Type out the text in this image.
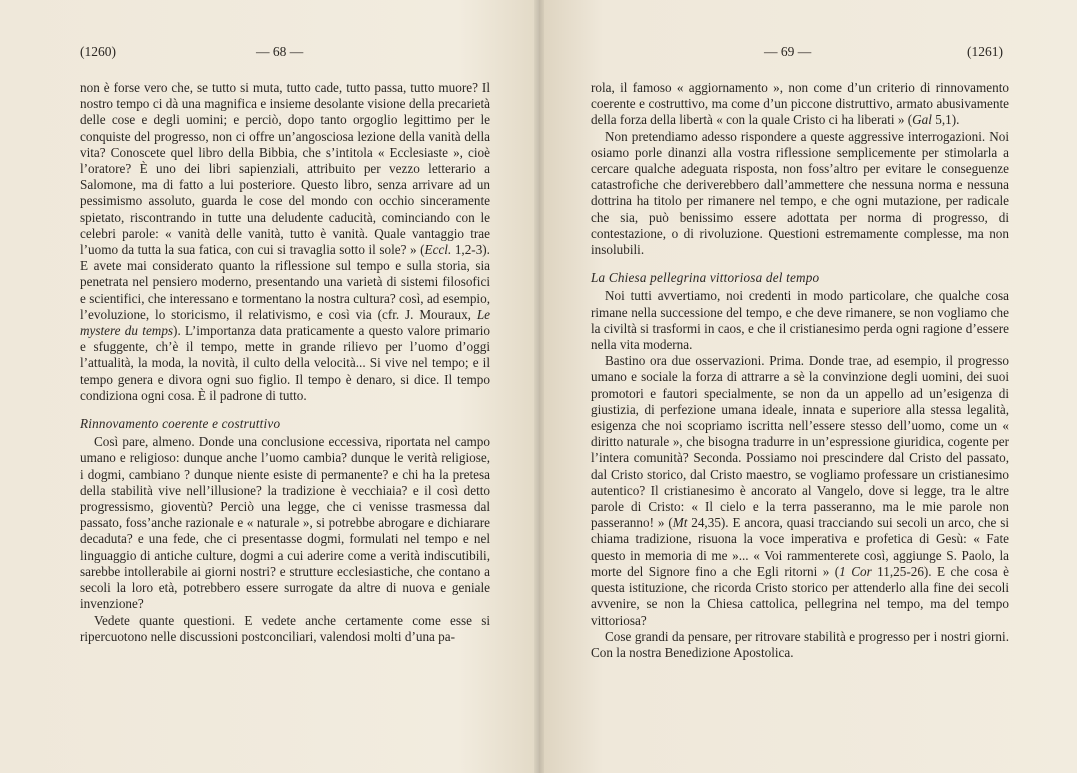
(1260)	— 68 —

non è forse vero che, se tutto si muta, tutto cade, tutto passa, tutto muore? Il nostro tempo ci dà una magnifica e insieme desolante visione della precarietà delle cose e degli uomini; e perciò, dopo tanto orgoglio legittimo per le conquiste del progresso, non ci offre un’angosciosa lezione della vanità della vita? Conoscete quel libro della Bibbia, che s’intitola « Ecclesiaste », cioè l’oratore? È uno dei libri sapienziali, attribuito per vezzo letterario a Salomone, ma di fatto a lui posteriore. Questo libro, senza arrivare ad un pessimismo assoluto, guarda le cose del mondo con occhio sinceramente spietato, riscontrando in tutte una deludente caducità, cominciando con le celebri parole: « vanità delle vanità, tutto è vanità. Quale vantaggio trae l’uomo da tutta la sua fatica, con cui si travaglia sotto il sole? » (Eccl. 1,2-3). E avete mai considerato quanto la riflessione sul tempo e sulla storia, sia penetrata nel pensiero moderno, presentando una varietà di sistemi filosofici e scientifici, che interessano e tormentano la nostra cultura? così, ad esempio, l’evoluzione, lo storicismo, il relativismo, e così via (cfr. J. Mouraux, Le mystere du temps). L’importanza data praticamente a questo valore primario e sfuggente, ch’è il tempo, mette in grande rilievo per l’uomo d’oggi l’attualità, la moda, la novità, il culto della velocità... Si vive nel tempo; e il tempo genera e divora ogni suo figlio. Il tempo è denaro, si dice. Il tempo condiziona ogni cosa. È il padrone di tutto.

Rinnovamento coerente e costruttivo

Così pare, almeno. Donde una conclusione eccessiva, riportata nel campo umano e religioso: dunque anche l’uomo cambia? dunque le verità religiose, i dogmi, cambiano ? dunque niente esiste di permanente? e chi ha la pretesa della stabilità vive nell’illusione? la tradizione è vecchiaia? e il così detto progressismo, gioventù? Perciò una legge, che ci venisse trasmessa dal passato, foss’anche razionale e « naturale », si potrebbe abrogare e dichiarare decaduta? e una fede, che ci presentasse dogmi, formulati nel tempo e nel linguaggio di antiche culture, dogmi a cui aderire come a verità indiscutibili, sarebbe intollerabile ai giorni nostri? e strutture ecclesiastiche, che contano a secoli la loro età, potrebbero essere surrogate da altre di nuova e geniale invenzione?

Vedete quante questioni. E vedete anche certamente come esse si ripercuotono nelle discussioni postconciliari, valendosi molti d’una pa-

— 69 —	(1261)

rola, il famoso « aggiornamento », non come d’un criterio di rinnovamento coerente e costruttivo, ma come d’un piccone distruttivo, armato abusivamente della forza della libertà « con la quale Cristo ci ha liberati » (Gal 5,1).

Non pretendiamo adesso rispondere a queste aggressive interrogazioni. Noi osiamo porle dinanzi alla vostra riflessione semplicemente per stimolarla a cercare qualche adeguata risposta, non foss’altro per evitare le conseguenze catastrofiche che deriverebbero dall’ammettere che nessuna norma e nessuna dottrina ha titolo per rimanere nel tempo, e che ogni mutazione, per radicale che sia, può benissimo essere adottata per norma di progresso, di contestazione, o di rivoluzione. Questioni estremamente complesse, ma non insolubili.

La Chiesa pellegrina vittoriosa del tempo

Noi tutti avvertiamo, noi credenti in modo particolare, che qualche cosa rimane nella successione del tempo, e che deve rimanere, se non vogliamo che la civiltà si trasformi in caos, e che il cristianesimo perda ogni ragione d’essere nella vita moderna.

Bastino ora due osservazioni. Prima. Donde trae, ad esempio, il progresso umano e sociale la forza di attrarre a sè la convinzione degli uomini, dei suoi promotori e fautori specialmente, se non da un appello ad un’esigenza di giustizia, di perfezione umana ideale, innata e superiore alla stessa legalità, esigenza che noi scopriamo iscritta nell’essere stesso dell’uomo, come un « diritto naturale », che bisogna tradurre in un’espressione giuridica, cogente per l’intera comunità? Seconda. Possiamo noi prescindere dal Cristo del passato, dal Cristo storico, dal Cristo maestro, se vogliamo professare un cristianesimo autentico? Il cristianesimo è ancorato al Vangelo, dove si legge, tra le altre parole di Cristo: « Il cielo e la terra passeranno, ma le mie parole non passeranno! » (Mt 24,35). E ancora, quasi tracciando sui secoli un arco, che si chiama tradizione, risuona la voce imperativa e profetica di Gesù: « Fate questo in memoria di me »... « Voi rammenterete così, aggiunge S. Paolo, la morte del Signore fino a che Egli ritorni » (1 Cor 11,25-26). E che cosa è questa istituzione, che ricorda Cristo storico per attenderlo alla fine dei secoli avvenire, se non la Chiesa cattolica, pellegrina nel tempo, ma del tempo vittoriosa?

Cose grandi da pensare, per ritrovare stabilità e progresso per i nostri giorni. Con la nostra Benedizione Apostolica.
